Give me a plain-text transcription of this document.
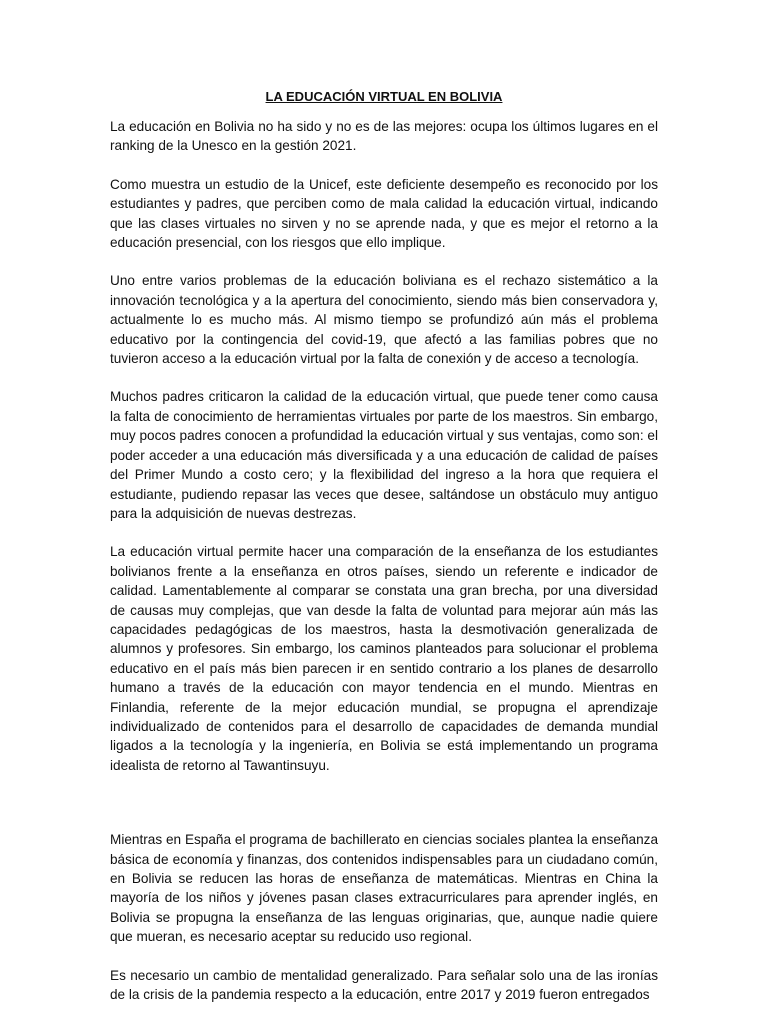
LA EDUCACIÓN VIRTUAL EN BOLIVIA

La educación en Bolivia no ha sido y no es de las mejores: ocupa los últimos lugares en el ranking de la Unesco en la gestión 2021.

Como muestra un estudio de la Unicef, este deficiente desempeño es reconocido por los estudiantes y padres, que perciben como de mala calidad la educación virtual, indicando que las clases virtuales no sirven y no se aprende nada, y que es mejor el retorno a la educación presencial, con los riesgos que ello implique.

Uno entre varios problemas de la educación boliviana es el rechazo sistemático a la innovación tecnológica y a la apertura del conocimiento, siendo más bien conservadora y, actualmente lo es mucho más. Al mismo tiempo se profundizó aún más el problema educativo por la contingencia del covid-19, que afectó a las familias pobres que no tuvieron acceso a la educación virtual por la falta de conexión y de acceso a tecnología.

Muchos padres criticaron la calidad de la educación virtual, que puede tener como causa la falta de conocimiento de herramientas virtuales por parte de los maestros. Sin embargo, muy pocos padres conocen a profundidad la educación virtual y sus ventajas, como son: el poder acceder a una educación más diversificada y a una educación de calidad de países del Primer Mundo a costo cero; y la flexibilidad del ingreso a la hora que requiera el estudiante, pudiendo repasar las veces que desee, saltándose un obstáculo muy antiguo para la adquisición de nuevas destrezas.

La educación virtual permite hacer una comparación de la enseñanza de los estudiantes bolivianos frente a la enseñanza en otros países, siendo un referente e indicador de calidad. Lamentablemente al comparar se constata una gran brecha, por una diversidad de causas muy complejas, que van desde la falta de voluntad para mejorar aún más las capacidades pedagógicas de los maestros, hasta la desmotivación generalizada de alumnos y profesores. Sin embargo, los caminos planteados para solucionar el problema educativo en el país más bien parecen ir en sentido contrario a los planes de desarrollo humano a través de la educación con mayor tendencia en el mundo. Mientras en Finlandia, referente de la mejor educación mundial, se propugna el aprendizaje individualizado de contenidos para el desarrollo de capacidades de demanda mundial ligados a la tecnología y la ingeniería, en Bolivia se está implementando un programa idealista de retorno al Tawantinsuyu.

Mientras en España el programa de bachillerato en ciencias sociales plantea la enseñanza básica de economía y finanzas, dos contenidos indispensables para un ciudadano común, en Bolivia se reducen las horas de enseñanza de matemáticas. Mientras en China la mayoría de los niños y jóvenes pasan clases extracurriculares para aprender inglés, en Bolivia se propugna la enseñanza de las lenguas originarias, que, aunque nadie quiere que mueran, es necesario aceptar su reducido uso regional.

Es necesario un cambio de mentalidad generalizado. Para señalar solo una de las ironías de la crisis de la pandemia respecto a la educación, entre 2017 y 2019 fueron entregados
